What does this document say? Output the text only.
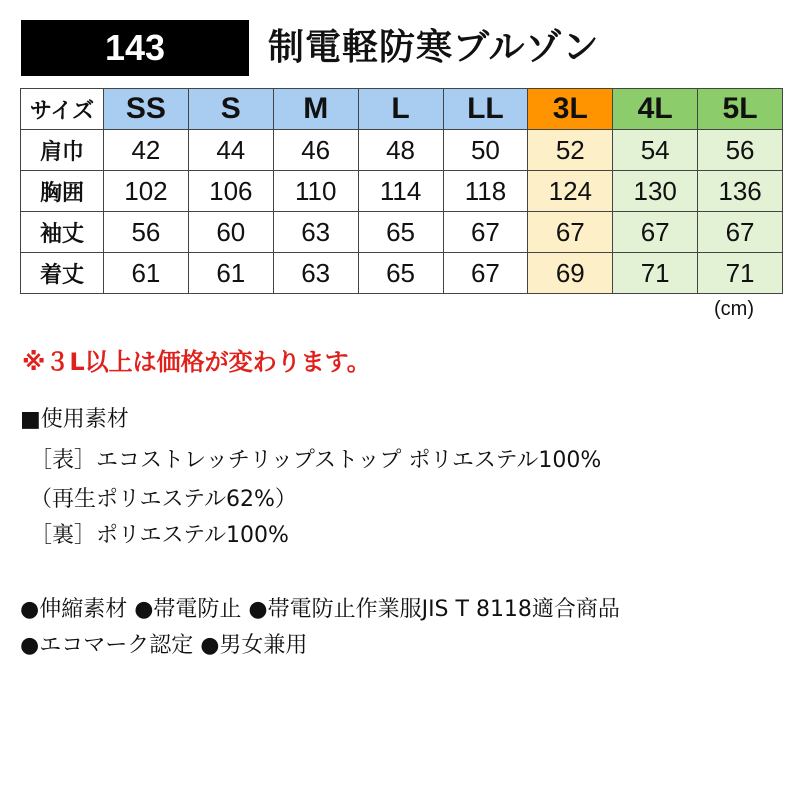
143	制電軽防寒ブルゾン
サイズ	SS	S	M	L	LL	3L	4L	5L
肩巾	42	44	46	48	50	52	54	56
胸囲	102	106	110	114	118	124	130	136
袖丈	56	60	63	65	67	67	67	67
着丈	61	61	63	65	67	69	71	71
(cm)
※３L以上は価格が変わります。
■使用素材
［表］エコストレッチリップストップ ポリエステル100%
（再生ポリエステル62%）
［裏］ポリエステル100%
●伸縮素材 ●帯電防止 ●帯電防止作業服JIS T 8118適合商品
●エコマーク認定 ●男女兼用
